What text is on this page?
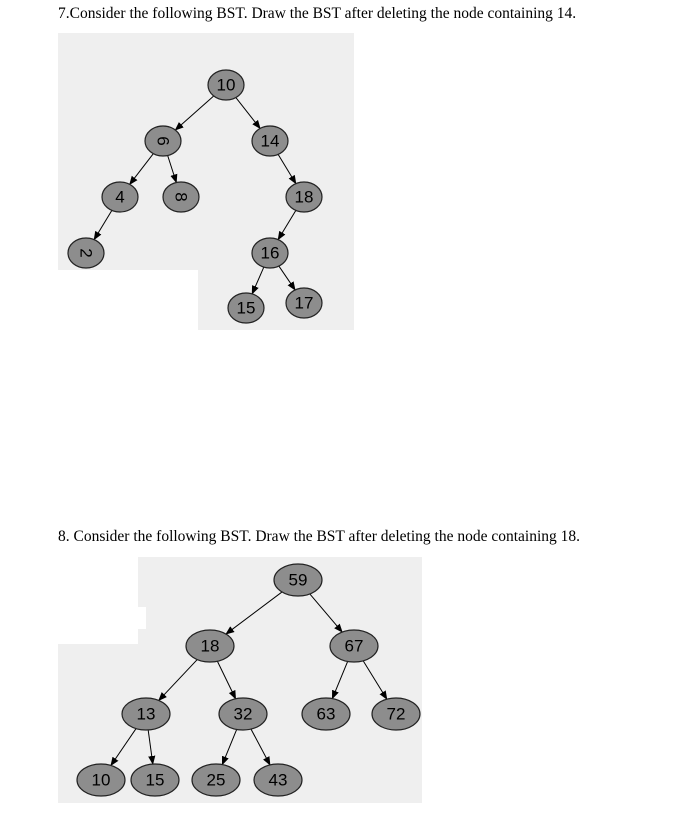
7.Consider the following BST. Draw the BST after deleting the node containing 14.

10
6	14
4	8	18
2	16
15 17

8. Consider the following BST. Draw the BST after deleting the node containing 18.

59
18	67
13	32	63	72
10 15 25	43
